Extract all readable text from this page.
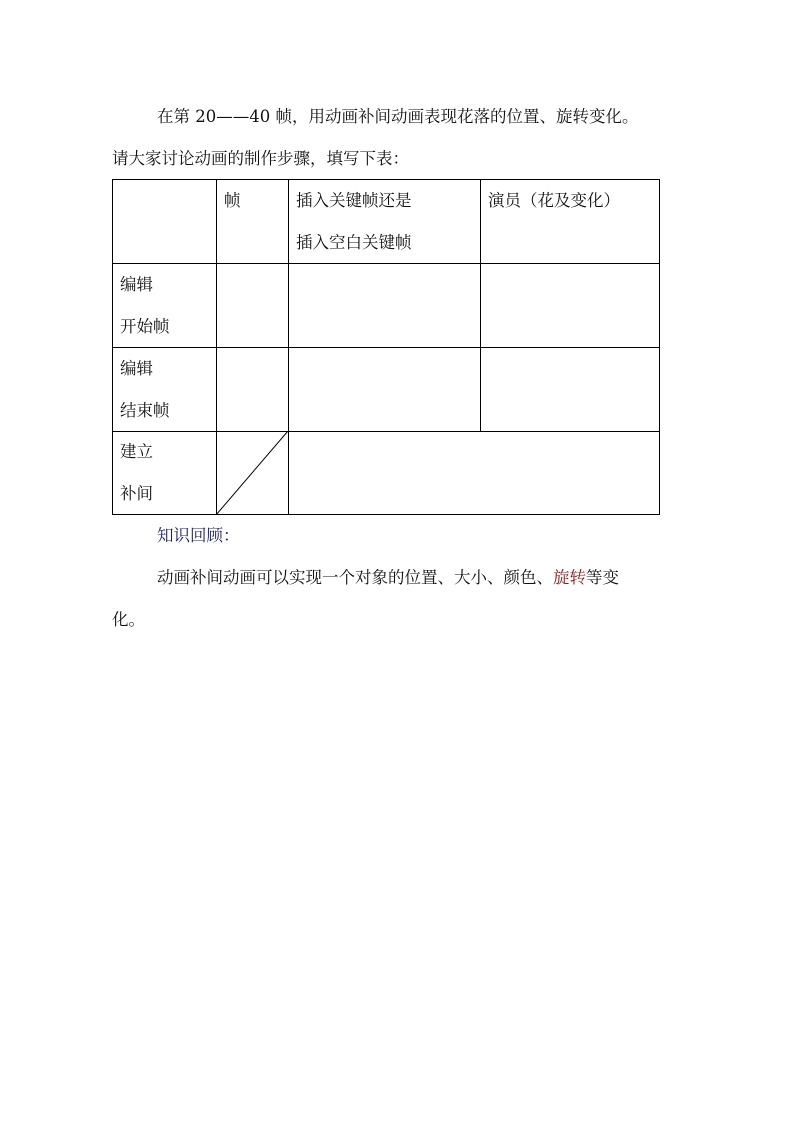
在第 20——40 帧，用动画补间动画表现花落的位置、旋转变化。
请大家讨论动画的制作步骤，填写下表：
帧	插入关键帧还是
插入空白关键帧
演员（花及变化）
编辑
开始帧
编辑
结束帧
建立
补间
知识回顾：
动画补间动画可以实现一个对象的位置、大小、颜色、旋转等变
化。
